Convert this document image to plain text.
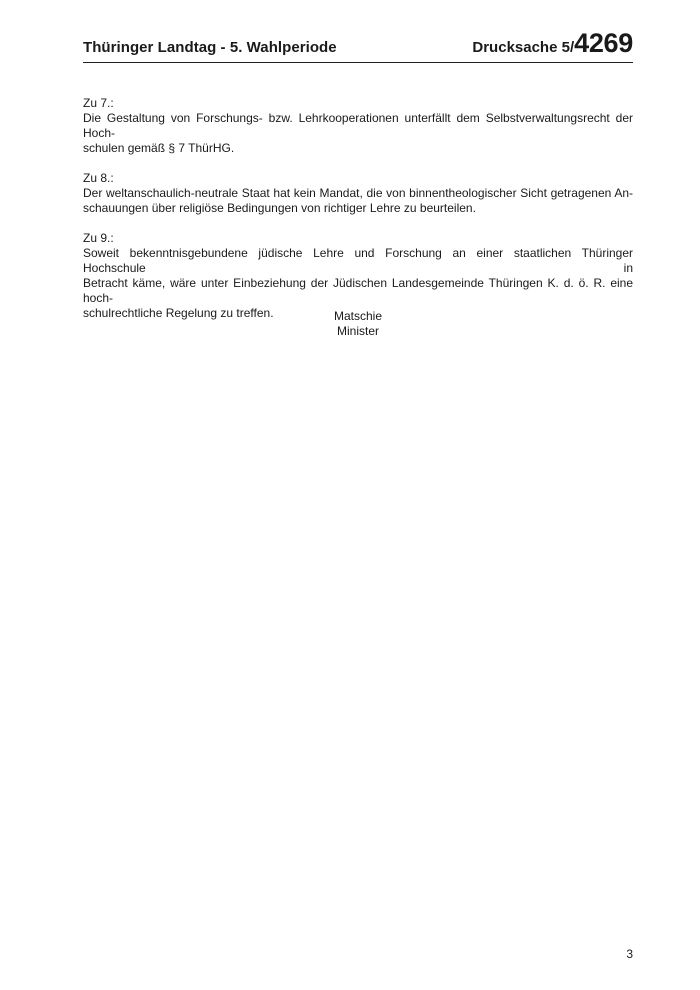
Thüringer Landtag - 5. Wahlperiode	Drucksache 5/4269

Zu 7.:

Die Gestaltung von Forschungs- bzw. Lehrkooperationen unterfällt dem Selbstverwaltungsrecht der Hoch-
schulen gemäß § 7 ThürHG.

Zu 8.:

Der weltanschaulich-neutrale Staat hat kein Mandat, die von binnentheologischer Sicht getragenen An-
schauungen über religiöse Bedingungen von richtiger Lehre zu beurteilen.

Zu 9.:

Soweit bekenntnisgebundene jüdische Lehre und Forschung an einer staatlichen Thüringer Hochschule in
Betracht käme, wäre unter Einbeziehung der Jüdischen Landesgemeinde Thüringen K. d. ö. R. eine hoch-
schulrechtliche Regelung zu treffen.	Matschie
Minister
3
